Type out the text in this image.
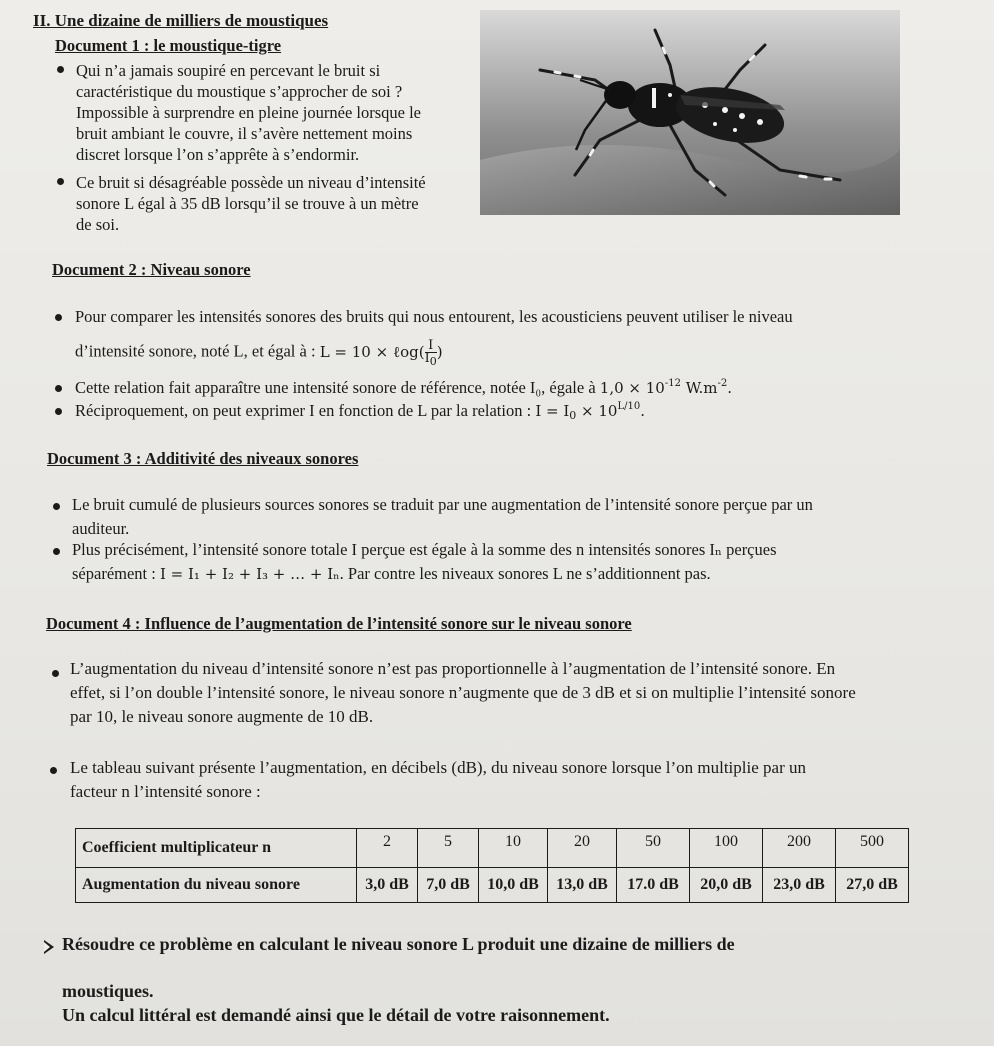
II. Une dizaine de milliers de moustiques
Document 1 : le moustique-tigre
Qui n’a jamais soupiré en percevant le bruit si
caractéristique du moustique s’approcher de soi ?
Impossible à surprendre en pleine journée lorsque le
bruit ambiant le couvre, il s’avère nettement moins
discret lorsque l’on s’apprête à s’endormir.
Ce bruit si désagréable possède un niveau d’intensité
sonore L égal à 35 dB lorsqu’il se trouve à un mètre
de soi.
Document 2 : Niveau sonore
Pour comparer les intensités sonores des bruits qui nous entourent, les acousticiens peuvent utiliser le niveau
d’intensité sonore, noté L, et égal à : L = 10 × ℓog( $\frac{I}{I_0}$ )
Cette relation fait apparaître une intensité sonore de référence, notée I₀, égale à $1,0 \times 10^{-12}$ $W.m^{-2}$.
Réciproquement, on peut exprimer I en fonction de L par la relation : $I = I_0 \times 10^{L/10}$.
Document 3 : Additivité des niveaux sonores
Le bruit cumulé de plusieurs sources sonores se traduit par une augmentation de l’intensité sonore perçue par un
auditeur.
Plus précisément, l’intensité sonore totale I perçue est égale à la somme des n intensités sonores Iₙ perçues
séparément : I = I₁ + I₂ + I₃ + … + Iₙ. Par contre les niveaux sonores L ne s’additionnent pas.
Document 4 : Influence de l’augmentation de l’intensité sonore sur le niveau sonore
L’augmentation du niveau d’intensité sonore n’est pas proportionnelle à l’augmentation de l’intensité sonore. En
effet, si l’on double l’intensité sonore, le niveau sonore n’augmente que de 3 dB et si on multiplie l’intensité sonore
par 10, le niveau sonore augmente de 10 dB.
Le tableau suivant présente l’augmentation, en décibels (dB), du niveau sonore lorsque l’on multiplie par un
facteur n l’intensité sonore :
Coefficient multiplicateur n	2	5	10	20	50	100	200	500
Augmentation du niveau sonore	3,0 dB	7,0 dB	10,0 dB	13,0 dB	17.0 dB	20,0 dB	23,0 dB	27,0 dB
Résoudre ce problème en calculant le niveau sonore L produit une dizaine de milliers de
moustiques.
Un calcul littéral est demandé ainsi que le détail de votre raisonnement.
